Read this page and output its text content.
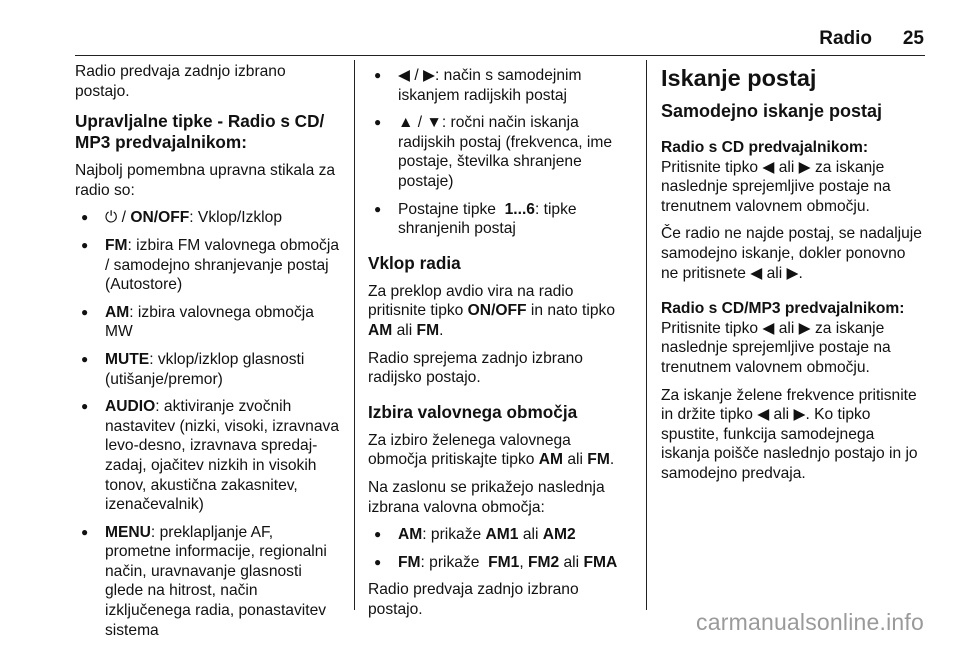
Radio 25

Radio predvaja zadnjo izbrano postajo.

Upravljalne tipke - Radio s CD/ MP3 predvajalnikom:

Najbolj pomembna upravna stikala za radio so:

● ⏻ / ON/OFF: Vklop/Izklop
● FM: izbira FM valovnega območja / samodejno shranjevanje postaj (Autostore)
● AM: izbira valovnega območja MW
● MUTE: vklop/izklop glasnosti (utišanje/premor)
● AUDIO: aktiviranje zvočnih nastavitev (nizki, visoki, izravnava levo-desno, izravnava spredaj-zadaj, ojačitev nizkih in visokih tonov, akustična zakasnitev, izenačevalnik)
● MENU: preklapljanje AF, prometne informacije, regionalni način, uravnavanje glasnosti glede na hitrost, način izključenega radia, ponastavitev sistema
● ◀ / ▶: način s samodejnim iskanjem radijskih postaj
● ▲ / ▼: ročni način iskanja radijskih postaj (frekvenca, ime postaje, številka shranjene postaje)
● Postajne tipke  1...6: tipke shranjenih postaj
Vklop radia

Za preklop avdio vira na radio pritisnite tipko ON/OFF in nato tipko AM ali FM.

Radio sprejema zadnjo izbrano radijsko postajo.

Izbira valovnega območja

Za izbiro želenega valovnega območja pritiskajte tipko AM ali FM.

Na zaslonu se prikažejo naslednja izbrana valovna območja:

● AM: prikaže AM1 ali AM2
● FM: prikaže  FM1, FM2 ali FMA

Radio predvaja zadnjo izbrano postajo.

Iskanje postaj
Samodejno iskanje postaj

Radio s CD predvajalnikom:

Pritisnite tipko ◀ ali ▶ za iskanje naslednje sprejemljive postaje na trenutnem valovnem območju.

Če radio ne najde postaj, se nadaljuje samodejno iskanje, dokler ponovno ne pritisnete ◀ ali ▶.

Radio s CD/MP3 predvajalnikom:

Pritisnite tipko ◀ ali ▶ za iskanje naslednje sprejemljive postaje na trenutnem valovnem območju.

Za iskanje želene frekvence pritisnite in držite tipko ◀ ali ▶. Ko tipko spustite, funkcija samodejnega iskanja poišče naslednjo postajo in jo samodejno predvaja.

carmanualsonline.info
